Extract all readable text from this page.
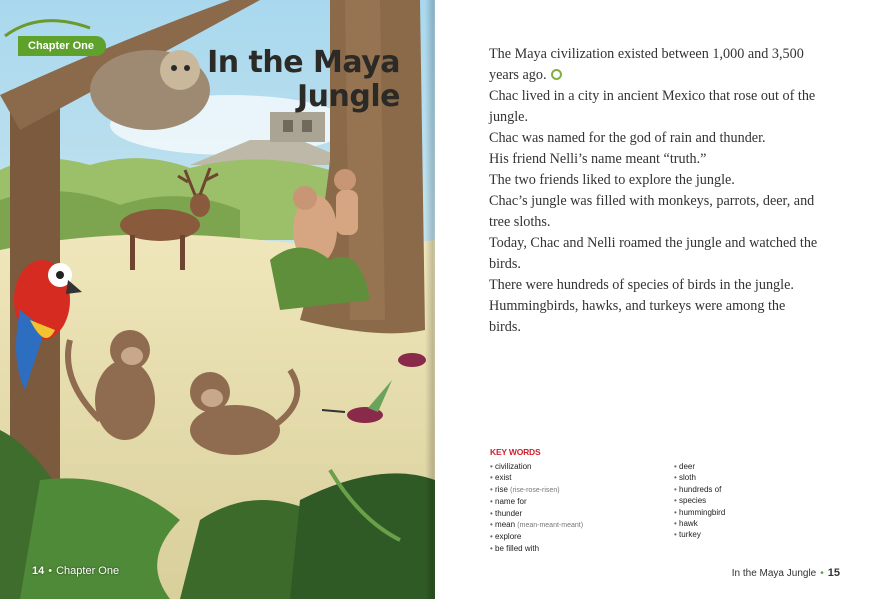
Chapter One	In the Maya
Jungle
14 • Chapter One

The Maya civilization existed between 1,000 and 3,500 years ago.

Chac lived in a city in ancient Mexico that rose out of the jungle.

Chac was named for the god of rain and thunder.

His friend Nelli’s name meant “truth.”

The two friends liked to explore the jungle.

Chac’s jungle was filled with monkeys, parrots, deer, and tree sloths.

Today, Chac and Nelli roamed the jungle and watched the birds.

There were hundreds of species of birds in the jungle.

Hummingbirds, hawks, and turkeys were among the birds.

KEY WORDS
• civilization
• exist
• rise (rise-rose-risen)
• name for
• thunder
• mean (mean-meant-meant)
• explore
• be filled with
• deer
• sloth
• hundreds of
• species
• hummingbird
• hawk
• turkey
In the Maya Jungle • 15
